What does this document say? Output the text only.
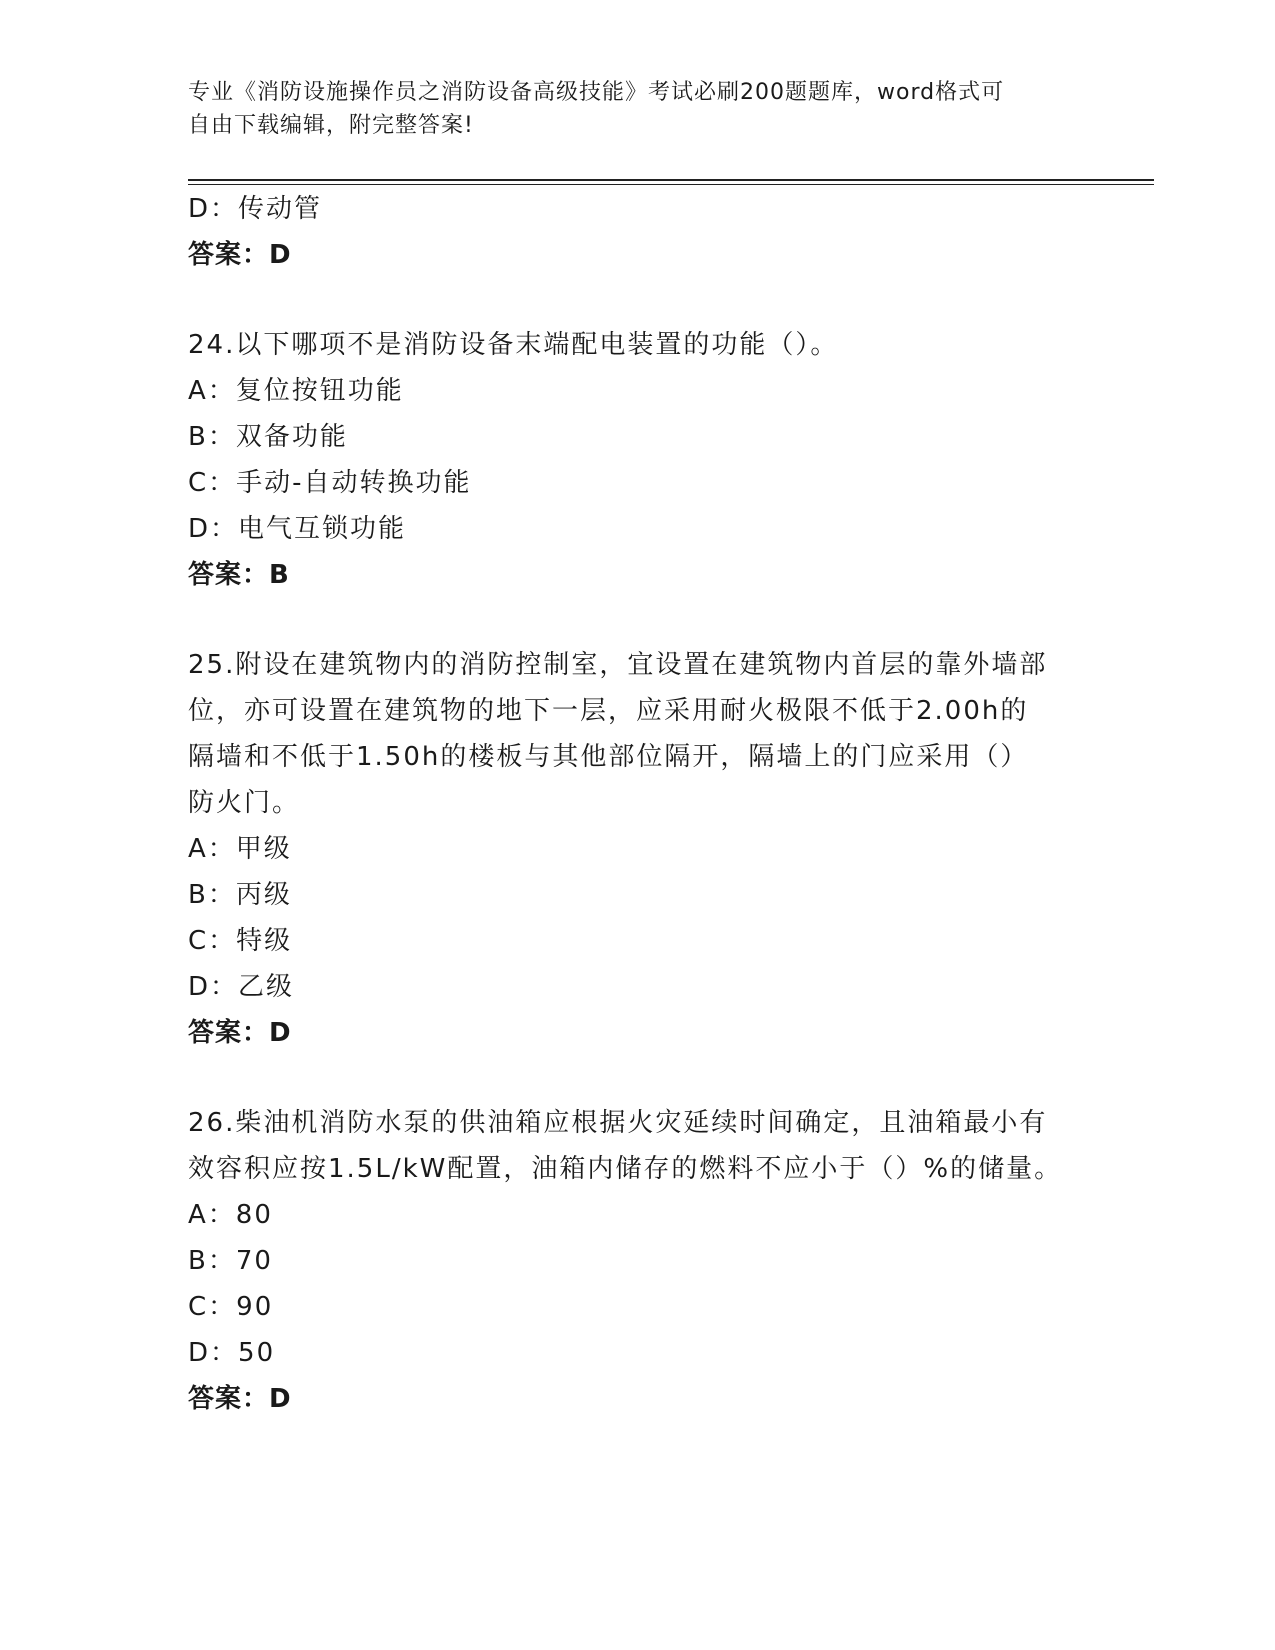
专业《消防设施操作员之消防设备高级技能》考试必刷200题题库，word格式可
自由下载编辑，附完整答案!
D：传动管
答案：D
24.以下哪项不是消防设备末端配电装置的功能（）。
A：复位按钮功能
B：双备功能
C：手动-自动转换功能
D：电气互锁功能
答案：B
25.附设在建筑物内的消防控制室，宜设置在建筑物内首层的靠外墙部
位，亦可设置在建筑物的地下一层，应采用耐火极限不低于2.00h的
隔墙和不低于1.50h的楼板与其他部位隔开，隔墙上的门应采用（）
防火门。
A：甲级
B：丙级
C：特级
D：乙级
答案：D
26.柴油机消防水泵的供油箱应根据火灾延续时间确定，且油箱最小有
效容积应按1.5L/kW配置，油箱内储存的燃料不应小于（）%的储量。
A：80
B：70
C：90
D：50
答案：D
